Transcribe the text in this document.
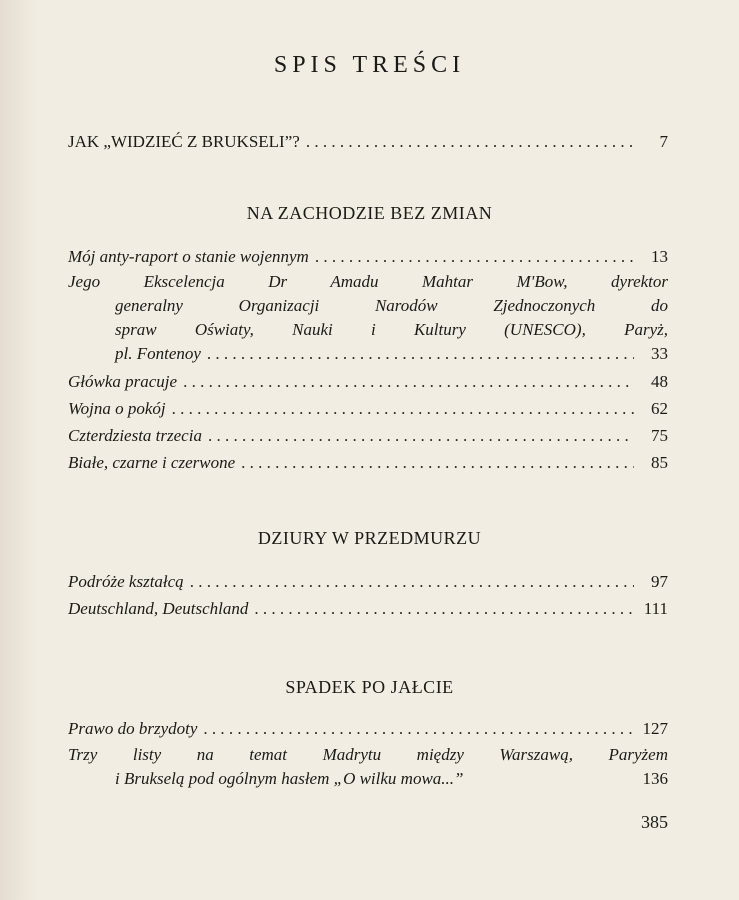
SPIS TREŚCI
JAK „WIDZIEĆ Z BRUKSELI”? . . .	7
NA ZACHODZIE BEZ ZMIAN
Mój anty-raport o stanie wojennym . . .	13
Jego Ekscelencja Dr Amadu Mahtar M'Bow, dyrektor
generalny Organizacji Narodów Zjednoczonych do
spraw Oświaty, Nauki i Kultury (UNESCO), Paryż,
pl. Fontenoy . . .	33
Główka pracuje . . .	48
Wojna o pokój . . .	62
Czterdziesta trzecia . . .	75
Białe, czarne i czerwone . . .	85
DZIURY W PRZEDMURZU
Podróże kształcą . . .	97
Deutschland, Deutschland . . .	111
SPADEK PO JAŁCIE
Prawo do brzydoty . . .	127
Trzy listy na temat Madrytu między Warszawą, Paryżem
i Brukselą pod ogólnym hasłem „O wilku mowa...”	136
385
